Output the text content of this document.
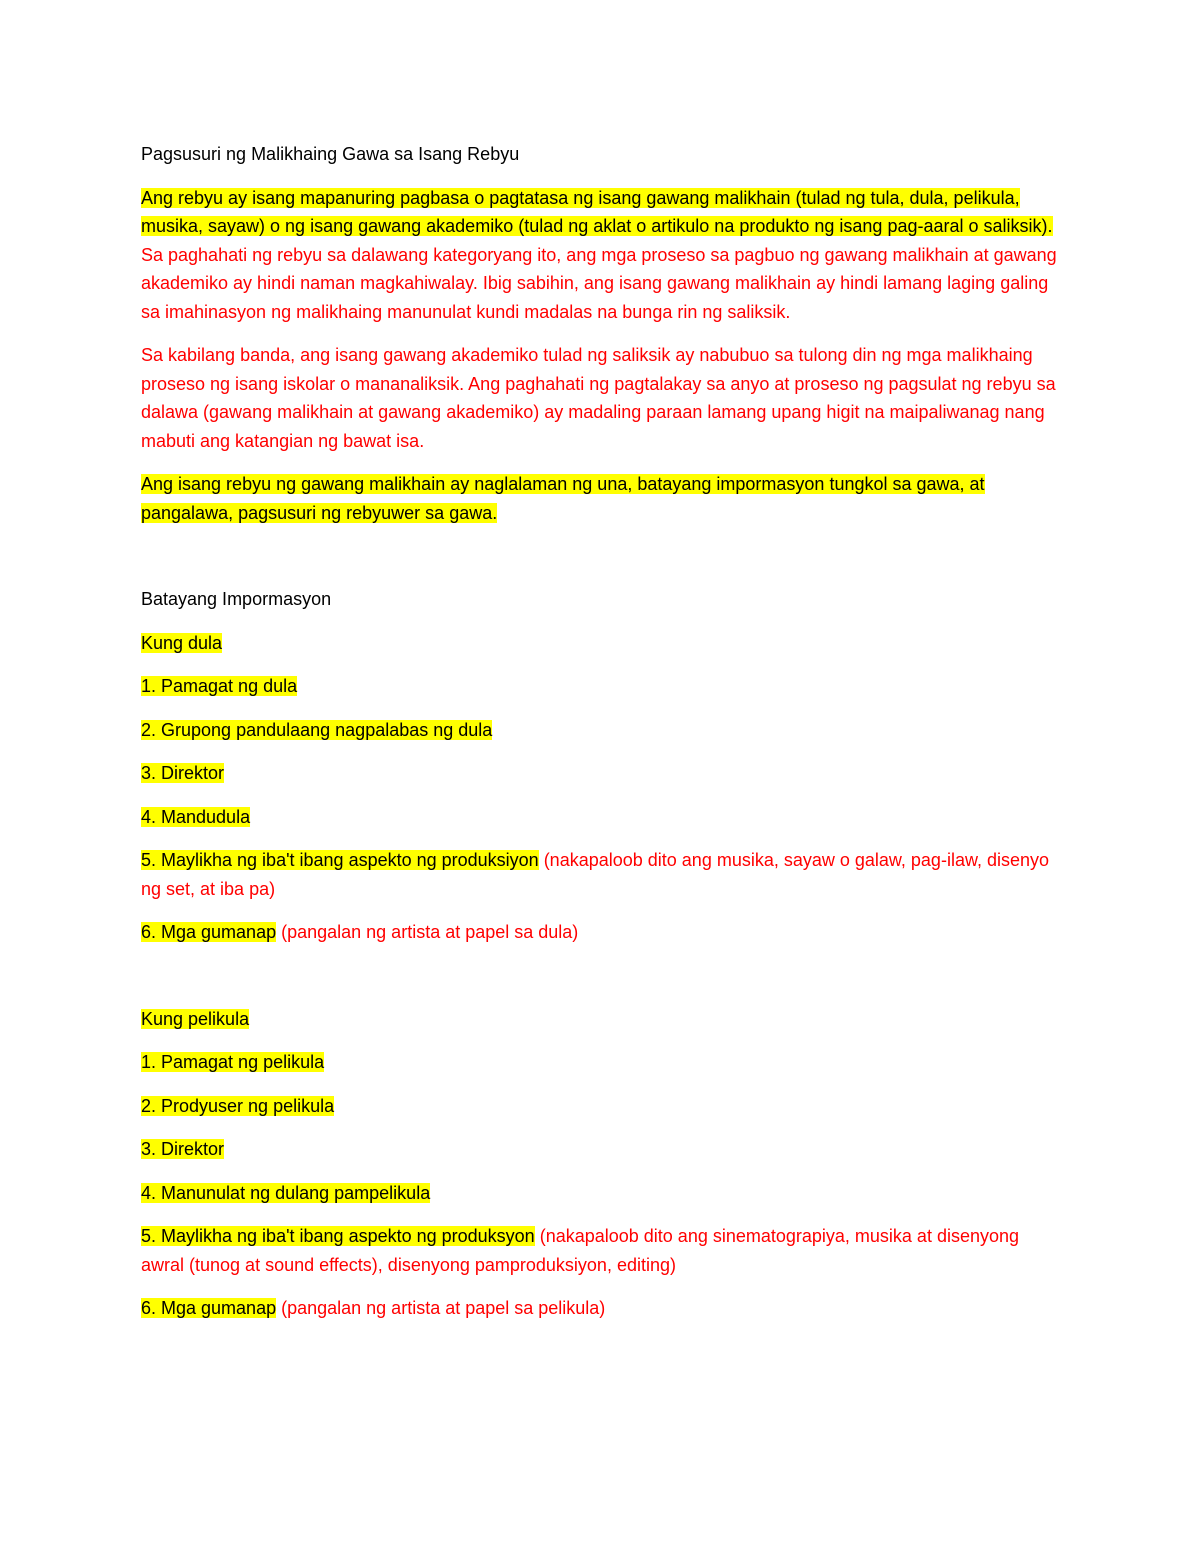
Pagsusuri ng Malikhaing Gawa sa Isang Rebyu

Ang rebyu ay isang mapanuring pagbasa o pagtatasa ng isang gawang malikhain (tulad ng tula, dula, pelikula, musika, sayaw) o ng isang gawang akademiko (tulad ng aklat o artikulo na produkto ng isang pag-aaral o saliksik). Sa paghahati ng rebyu sa dalawang kategoryang ito, ang mga proseso sa pagbuo ng gawang malikhain at gawang akademiko ay hindi naman magkahiwalay. Ibig sabihin, ang isang gawang malikhain ay hindi lamang laging galing sa imahinasyon ng malikhaing manunulat kundi madalas na bunga rin ng saliksik.

Sa kabilang banda, ang isang gawang akademiko tulad ng saliksik ay nabubuo sa tulong din ng mga malikhaing proseso ng isang iskolar o mananaliksik. Ang paghahati ng pagtalakay sa anyo at proseso ng pagsulat ng rebyu sa dalawa (gawang malikhain at gawang akademiko) ay madaling paraan lamang upang higit na maipaliwanag nang mabuti ang katangian ng bawat isa.

Ang isang rebyu ng gawang malikhain ay naglalaman ng una, batayang impormasyon tungkol sa gawa, at pangalawa, pagsusuri ng rebyuwer sa gawa.

Batayang Impormasyon

Kung dula

1. Pamagat ng dula

2. Grupong pandulaang nagpalabas ng dula

3. Direktor

4. Mandudula

5. Maylikha ng iba't ibang aspekto ng produksiyon (nakapaloob dito ang musika, sayaw o galaw, pag-ilaw, disenyo ng set, at iba pa)

6. Mga gumanap (pangalan ng artista at papel sa dula)

Kung pelikula

1. Pamagat ng pelikula

2. Prodyuser ng pelikula

3. Direktor

4. Manunulat ng dulang pampelikula

5. Maylikha ng iba't ibang aspekto ng produksyon (nakapaloob dito ang sinematograpiya, musika at disenyong awral (tunog at sound effects), disenyong pamproduksiyon, editing)

6. Mga gumanap (pangalan ng artista at papel sa pelikula)
